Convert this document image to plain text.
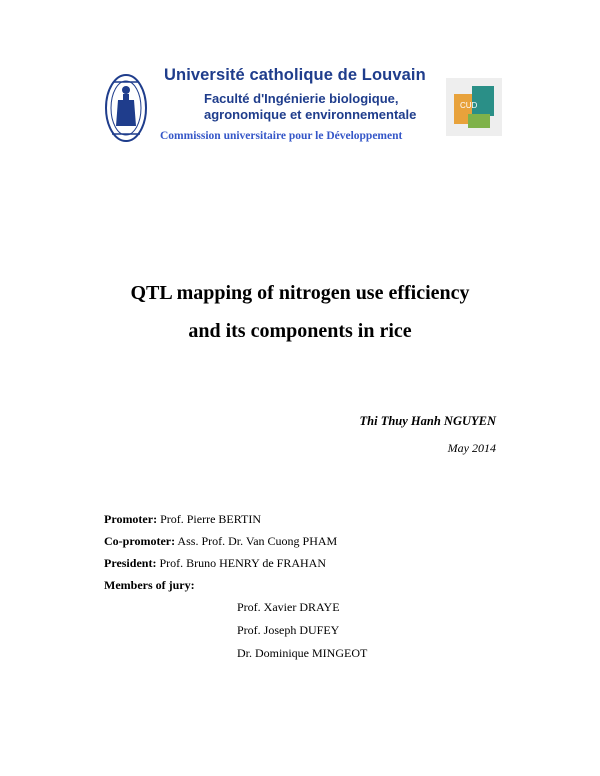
Université catholique de Louvain
Faculté d'Ingénierie biologique,
agronomique et environnementale
Commission universitaire pour le Développement
CUD
QTL mapping of nitrogen use efficiency
and its components in rice
Thi Thuy Hanh NGUYEN
May 2014
Promoter: Prof. Pierre BERTIN
Co-promoter: Ass. Prof. Dr. Van Cuong PHAM
President: Prof. Bruno HENRY de FRAHAN
Members of jury:
Prof. Xavier DRAYE
Prof. Joseph DUFEY
Dr. Dominique MINGEOT
